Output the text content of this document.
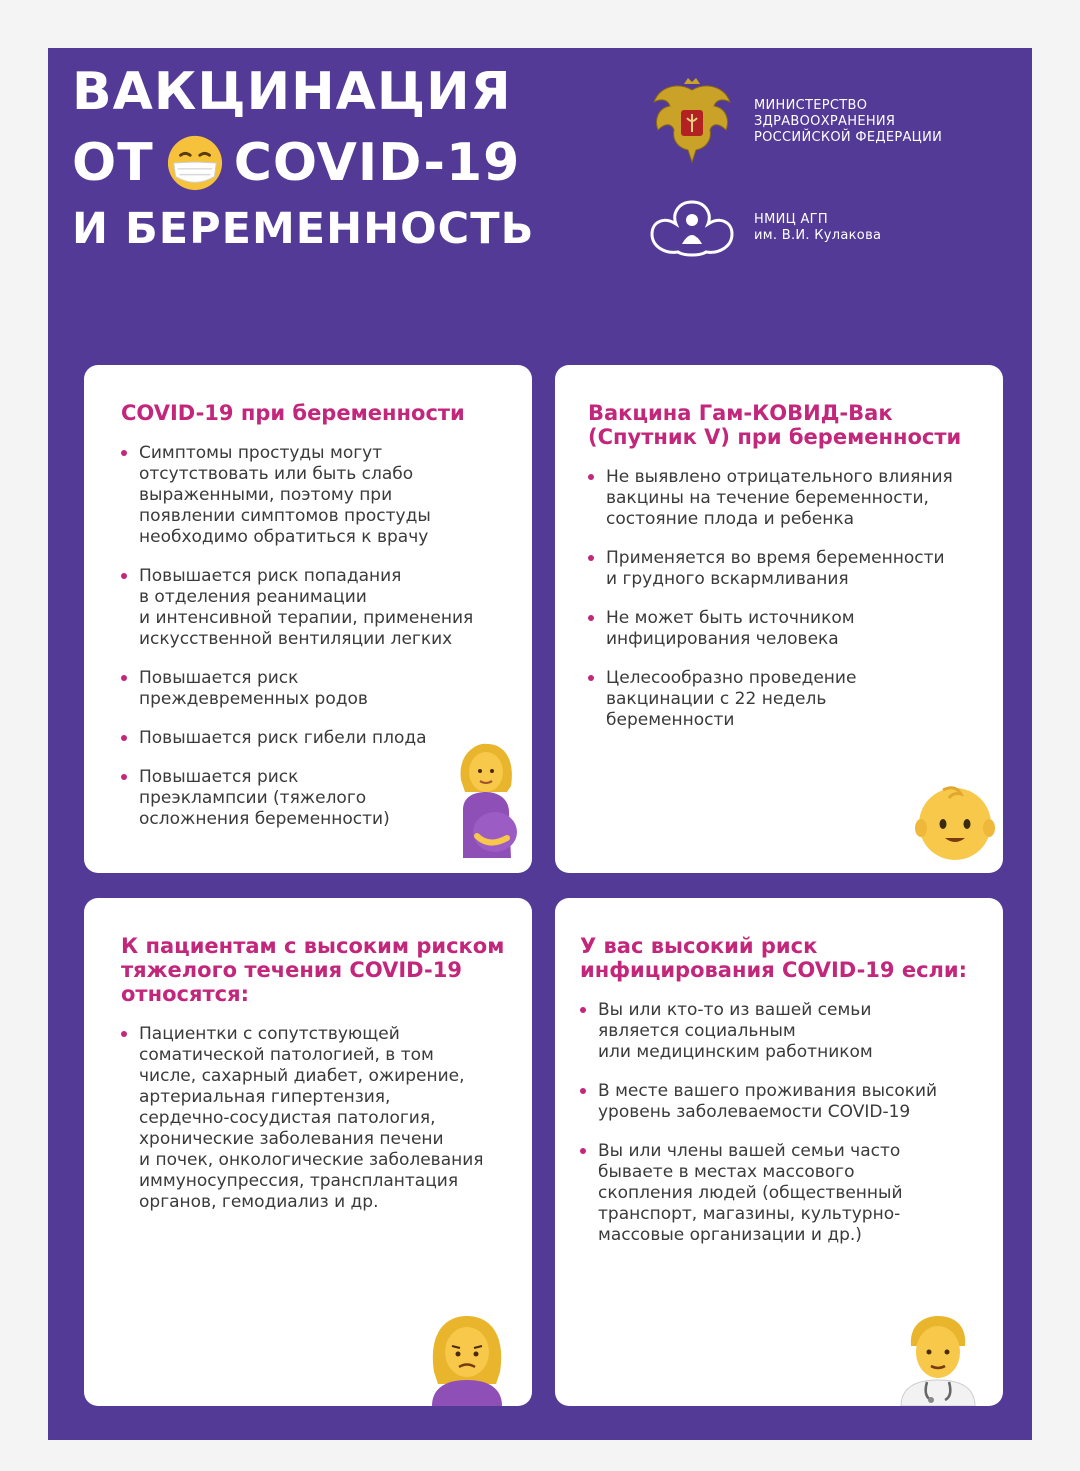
ВАКЦИНАЦИЯ
ОТ COVID-19
И БЕРЕМЕННОСТЬ
МИНИСТЕРСТВО
ЗДРАВООХРАНЕНИЯ
РОССИЙСКОЙ ФЕДЕРАЦИИ
НМИЦ АГП
им. В.И. Кулакова
COVID-19 при беременности
Симптомы простуды могут
отсутствовать или быть слабо
выраженными, поэтому при
появлении симптомов простуды
необходимо обратиться к врачу
Повышается риск попадания
в отделения реанимации
и интенсивной терапии, применения
искусственной вентиляции легких
Повышается риск
преждевременных родов
Повышается риск гибели плода
Повышается риск
преэклампсии (тяжелого
осложнения беременности)
Вакцина Гам-КОВИД-Вак
(Спутник V) при беременности
Не выявлено отрицательного влияния
вакцины на течение беременности,
состояние плода и ребенка
Применяется во время беременности
и грудного вскармливания
Не может быть источником
инфицирования человека
Целесообразно проведение
вакцинации с 22 недель
беременности
К пациентам с высоким риском
тяжелого течения COVID-19
относятся:
Пациентки с сопутствующей
соматической патологией, в том
числе, сахарный диабет, ожирение,
артериальная гипертензия,
сердечно-сосудистая патология,
хронические заболевания печени
и почек, онкологические заболевания
иммуносупрессия, трансплантация
органов, гемодиализ и др.
У вас высокий риск
инфицирования COVID-19 если:
Вы или кто-то из вашей семьи
является социальным
или медицинским работником
В месте вашего проживания высокий
уровень заболеваемости COVID-19
Вы или члены вашей семьи часто
бываете в местах массового
скопления людей (общественный
транспорт, магазины, культурно-
массовые организации и др.)
